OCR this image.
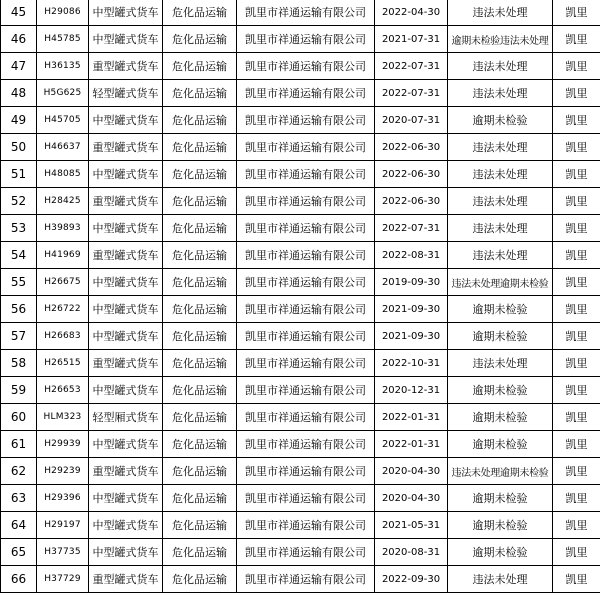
45	H29086	中型罐式货车	危化品运输	凯里市祥通运输有限公司	2022-04-30	违法未处理	凯里
46	H45785	中型罐式货车	危化品运输	凯里市祥通运输有限公司	2021-07-31	逾期未检验违法未处理	凯里
47	H36135	重型罐式货车	危化品运输	凯里市祥通运输有限公司	2022-07-31	违法未处理	凯里
48	H5G625	轻型罐式货车	危化品运输	凯里市祥通运输有限公司	2022-07-31	违法未处理	凯里
49	H45705	中型罐式货车	危化品运输	凯里市祥通运输有限公司	2020-07-31	逾期未检验	凯里
50	H46637	重型罐式货车	危化品运输	凯里市祥通运输有限公司	2022-06-30	违法未处理	凯里
51	H48085	中型罐式货车	危化品运输	凯里市祥通运输有限公司	2022-06-30	违法未处理	凯里
52	H28425	重型罐式货车	危化品运输	凯里市祥通运输有限公司	2022-06-30	违法未处理	凯里
53	H39893	中型罐式货车	危化品运输	凯里市祥通运输有限公司	2022-07-31	违法未处理	凯里
54	H41969	重型罐式货车	危化品运输	凯里市祥通运输有限公司	2022-08-31	违法未处理	凯里
55	H26675	中型罐式货车	危化品运输	凯里市祥通运输有限公司	2019-09-30	违法未处理逾期未检验	凯里
56	H26722	中型罐式货车	危化品运输	凯里市祥通运输有限公司	2021-09-30	逾期未检验	凯里
57	H26683	中型罐式货车	危化品运输	凯里市祥通运输有限公司	2021-09-30	逾期未检验	凯里
58	H26515	重型罐式货车	危化品运输	凯里市祥通运输有限公司	2022-10-31	违法未处理	凯里
59	H26653	中型罐式货车	危化品运输	凯里市祥通运输有限公司	2020-12-31	逾期未检验	凯里
60	HLM323	轻型厢式货车	危化品运输	凯里市祥通运输有限公司	2022-01-31	逾期未检验	凯里
61	H29939	中型罐式货车	危化品运输	凯里市祥通运输有限公司	2022-01-31	逾期未检验	凯里
62	H29239	重型罐式货车	危化品运输	凯里市祥通运输有限公司	2020-04-30	违法未处理逾期未检验	凯里
63	H29396	中型罐式货车	危化品运输	凯里市祥通运输有限公司	2020-04-30	逾期未检验	凯里
64	H29197	中型罐式货车	危化品运输	凯里市祥通运输有限公司	2021-05-31	逾期未检验	凯里
65	H37735	中型罐式货车	危化品运输	凯里市祥通运输有限公司	2020-08-31	逾期未检验	凯里
66	H37729	重型罐式货车	危化品运输	凯里市祥通运输有限公司	2022-09-30	违法未处理	凯里
